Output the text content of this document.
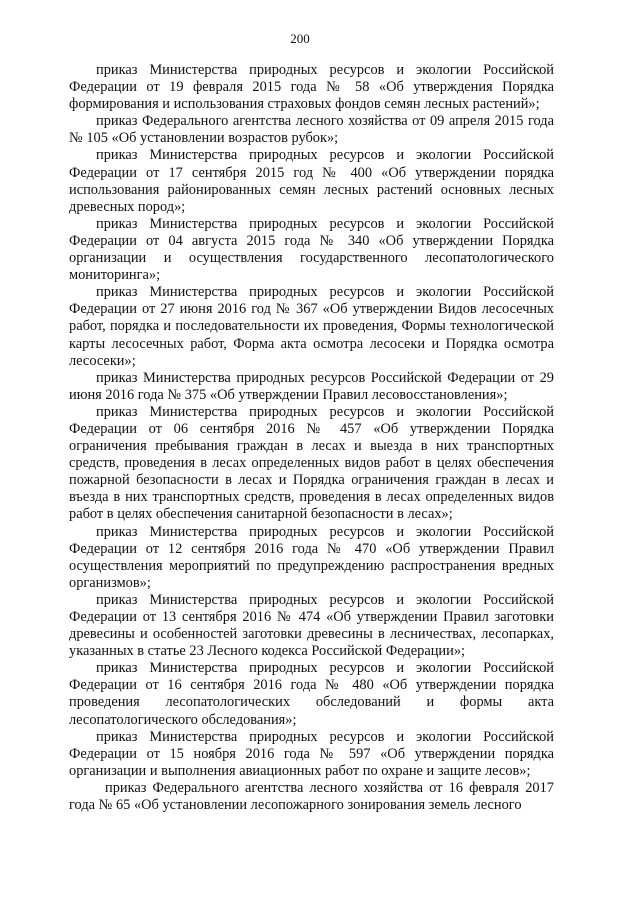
200

приказ Министерства природных ресурсов и экологии Российской Федерации от 19 февраля 2015 года № 58 «Об утверждения Порядка формирования и использования страховых фондов семян лесных растений»;

приказ Федерального агентства лесного хозяйства от 09 апреля 2015 года № 105 «Об установлении возрастов рубок»;

приказ Министерства природных ресурсов и экологии Российской Федерации от 17 сентября 2015 год № 400 «Об утверждении порядка использования районированных семян лесных растений основных лесных древесных пород»;

приказ Министерства природных ресурсов и экологии Российской Федерации от 04 августа 2015 года № 340 «Об утверждении Порядка организации и осуществления государственного лесопатологического мониторинга»;

приказ Министерства природных ресурсов и экологии Российской Федерации от 27 июня 2016 год № 367 «Об утверждении Видов лесосечных работ, порядка и последовательности их проведения, Формы технологической карты лесосечных работ, Форма акта осмотра лесосеки и Порядка осмотра лесосеки»;

приказ Министерства природных ресурсов Российской Федерации от 29 июня 2016 года № 375 «Об утверждении Правил лесовосстановления»;

приказ Министерства природных ресурсов и экологии Российской Федерации от 06 сентября 2016 № 457 «Об утверждении Порядка ограничения пребывания граждан в лесах и выезда в них транспортных средств, проведения в лесах определенных видов работ в целях обеспечения пожарной безопасности в лесах и Порядка ограничения граждан в лесах и въезда в них транспортных средств, проведения в лесах определенных видов работ в целях обеспечения санитарной безопасности в лесах»;

приказ Министерства природных ресурсов и экологии Российской Федерации от 12 сентября 2016 года № 470 «Об утверждении Правил осуществления мероприятий по предупреждению распространения вредных организмов»;

приказ Министерства природных ресурсов и экологии Российской Федерации от 13 сентября 2016 № 474 «Об утверждении Правил заготовки древесины и особенностей заготовки древесины в лесничествах, лесопарках, указанных в статье 23 Лесного кодекса Российской Федерации»;

приказ Министерства природных ресурсов и экологии Российской Федерации от 16 сентября 2016 года № 480 «Об утверждении порядка проведения лесопатологических обследований и формы акта лесопатологического обследования»;

приказ Министерства природных ресурсов и экологии Российской Федерации от 15 ноября 2016 года № 597 «Об утверждении порядка организации и выполнения авиационных работ по охране и защите лесов»;

приказ Федерального агентства лесного хозяйства от 16 февраля 2017 года № 65 «Об установлении лесопожарного зонирования земель лесного
